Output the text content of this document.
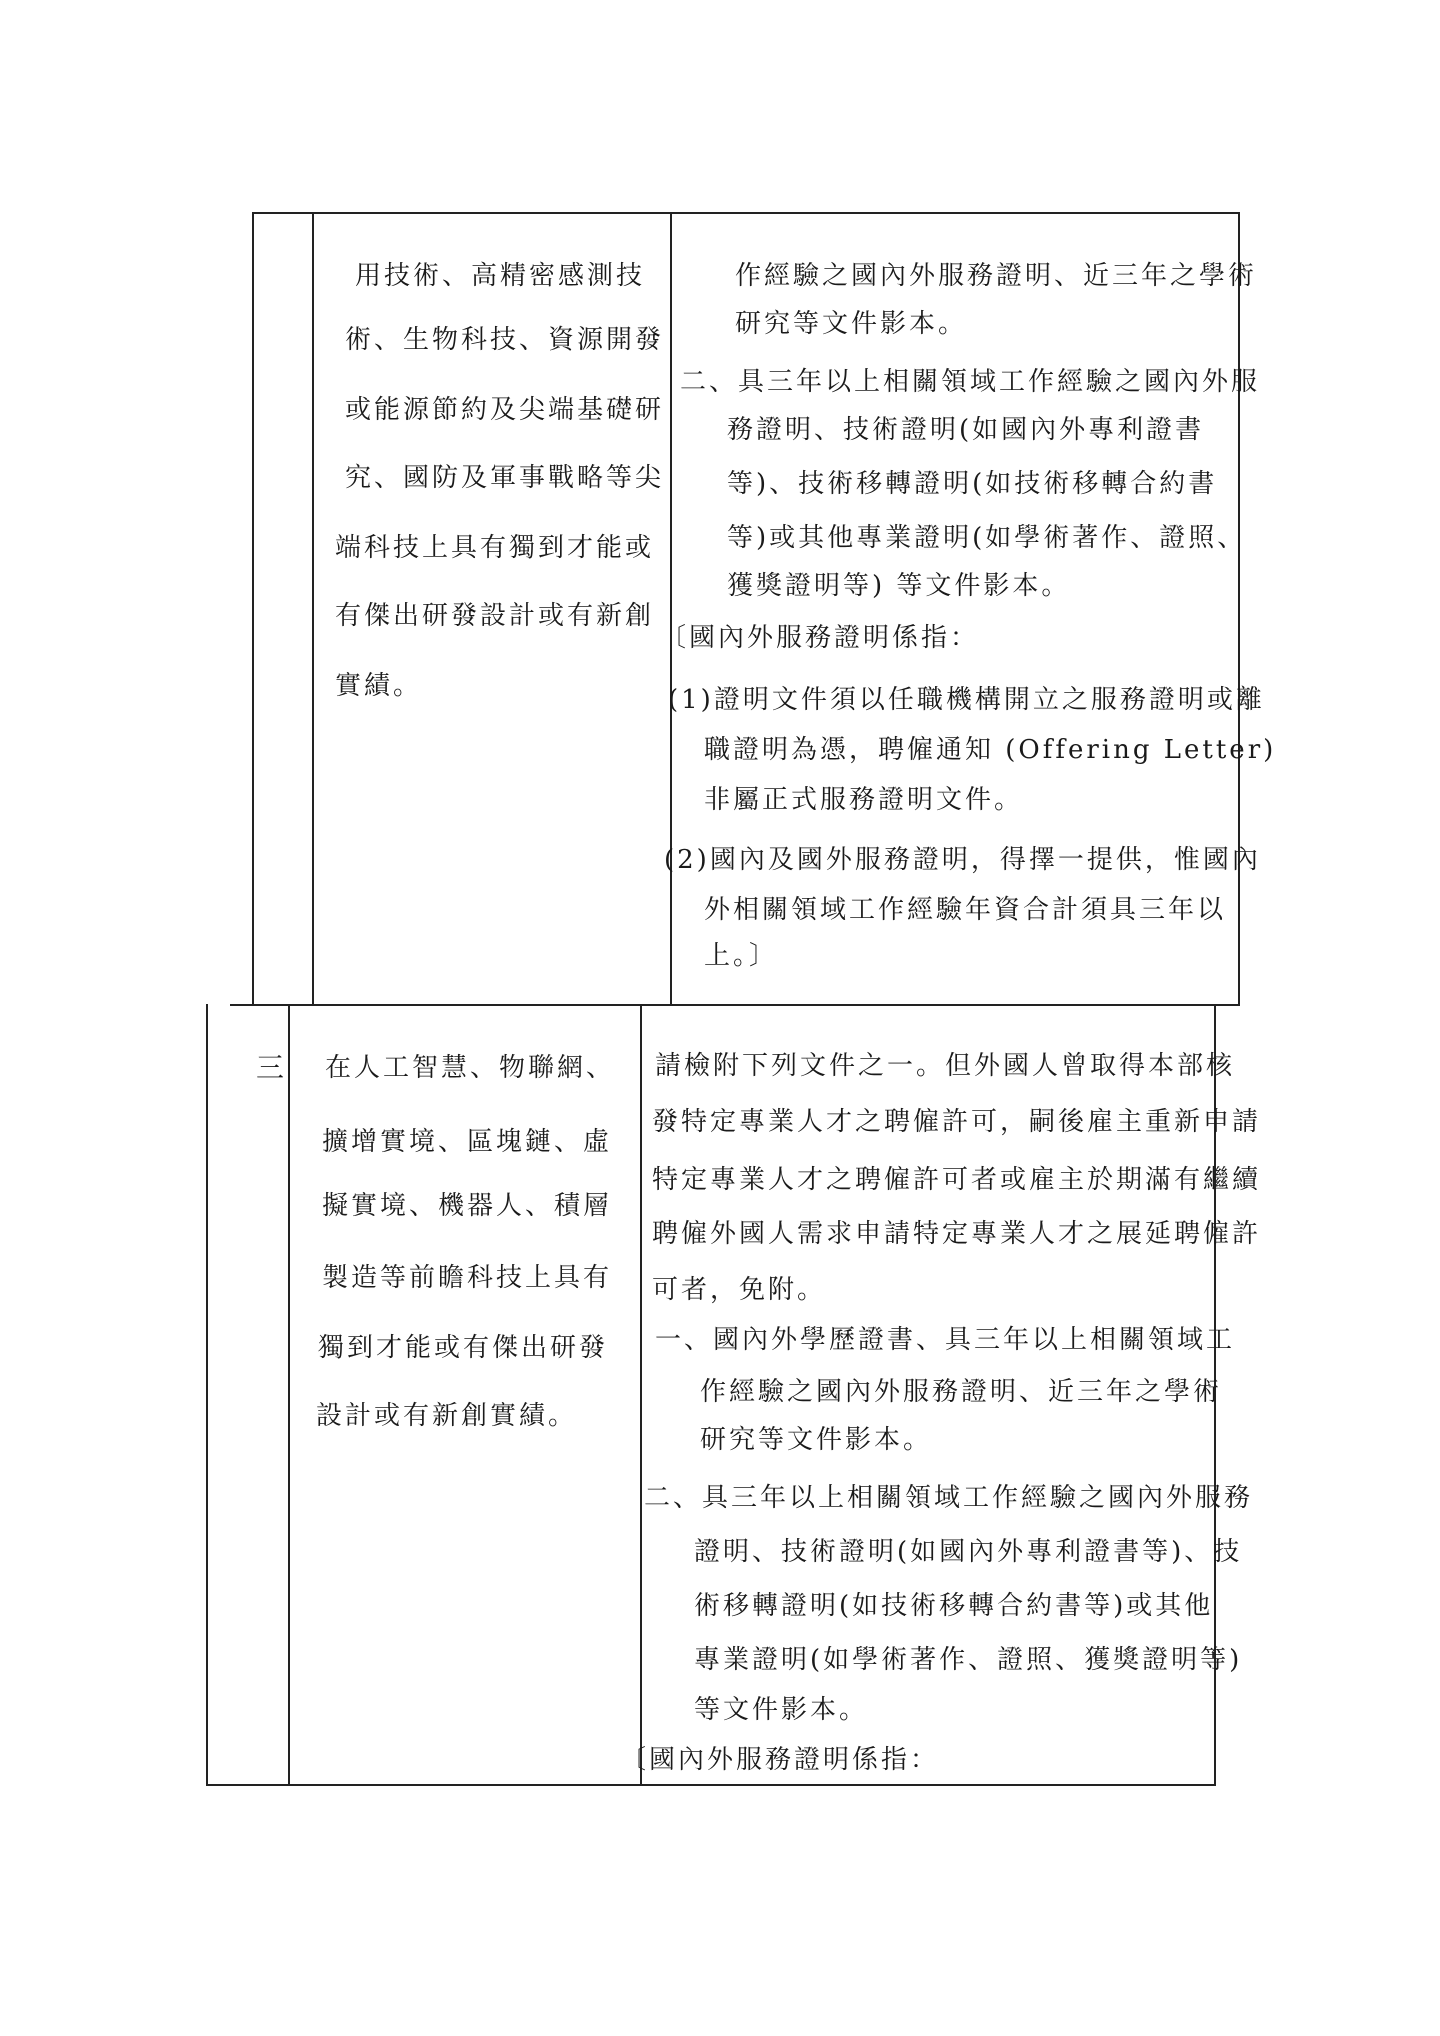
用技術、高精密感測技
術、生物科技、資源開發
或能源節約及尖端基礎研
究、國防及軍事戰略等尖
端科技上具有獨到才能或
有傑出研發設計或有新創
實績。
作經驗之國內外服務證明、近三年之學術
研究等文件影本。
二、具三年以上相關領域工作經驗之國內外服
務證明、技術證明(如國內外專利證書
等)、技術移轉證明(如技術移轉合約書
等)或其他專業證明(如學術著作、證照、
獲獎證明等) 等文件影本。
〔國內外服務證明係指：
(1)證明文件須以任職機構開立之服務證明或離
職證明為憑，聘僱通知 (Offering Letter)
非屬正式服務證明文件。
(2)國內及國外服務證明，得擇一提供，惟國內
外相關領域工作經驗年資合計須具三年以
上。〕
三 在人工智慧、物聯網、
擴增實境、區塊鏈、虛
擬實境、機器人、積層
製造等前瞻科技上具有
獨到才能或有傑出研發
設計或有新創實績。
請檢附下列文件之一。但外國人曾取得本部核
發特定專業人才之聘僱許可，嗣後雇主重新申請
特定專業人才之聘僱許可者或雇主於期滿有繼續
聘僱外國人需求申請特定專業人才之展延聘僱許
可者，免附。
一、國內外學歷證書、具三年以上相關領域工
作經驗之國內外服務證明、近三年之學術
研究等文件影本。
二、具三年以上相關領域工作經驗之國內外服務
證明、技術證明(如國內外專利證書等)、技
術移轉證明(如技術移轉合約書等)或其他
專業證明(如學術著作、證照、獲獎證明等)
等文件影本。
〔國內外服務證明係指：
